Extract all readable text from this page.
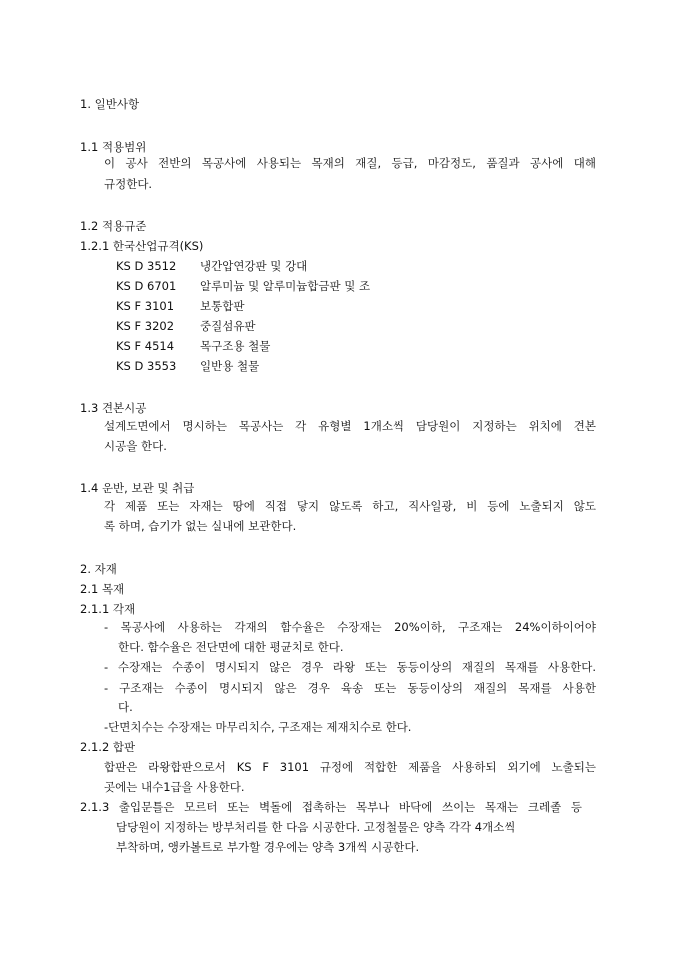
1. 일반사항
1.1 적용범위
이 공사 전반의 목공사에 사용되는 목재의 재질, 등급, 마감정도, 품질과 공사에 대해
규정한다.
1.2 적용규준
1.2.1 한국산업규격(KS)
KS D 3512 냉간압연강판 및 강대
KS D 6701 알루미늄 및 알루미늄합금판 및 조
KS F 3101 보통합판
KS F 3202 중질섬유판
KS F 4514 목구조용 철물
KS D 3553 일반용 철물
1.3 견본시공
설계도면에서 명시하는 목공사는 각 유형별 1개소씩 담당원이 지정하는 위치에 견본
시공을 한다.
1.4 운반, 보관 및 취급
각 제품 또는 자재는 땅에 직접 닿지 않도록 하고, 직사일광, 비 등에 노출되지 않도
록 하며, 습기가 없는 실내에 보관한다.
2. 자재
2.1 목재
2.1.1 각재
- 목공사에 사용하는 각재의 함수율은 수장재는 20%이하, 구조재는 24%이하이어야
한다. 함수율은 전단면에 대한 평균치로 한다.
- 수장재는 수종이 명시되지 않은 경우 라왕 또는 동등이상의 재질의 목재를 사용한다.
- 구조재는 수종이 명시되지 않은 경우 육송 또는 동등이상의 재질의 목재를 사용한
다.
-단면치수는 수장재는 마무리치수, 구조재는 제재치수로 한다.
2.1.2 합판
합판은 라왕합판으로서 KS F 3101 규정에 적합한 제품을 사용하되 외기에 노출되는
곳에는 내수1급을 사용한다.
2.1.3 출입문틀은 모르터 또는 벽돌에 접촉하는 목부나 바닥에 쓰이는 목재는 크레졸 등
담당원이 지정하는 방부처리를 한 다음 시공한다. 고정철물은 양측 각각 4개소씩
부착하며, 앵카볼트로 부가할 경우에는 양측 3개씩 시공한다.
